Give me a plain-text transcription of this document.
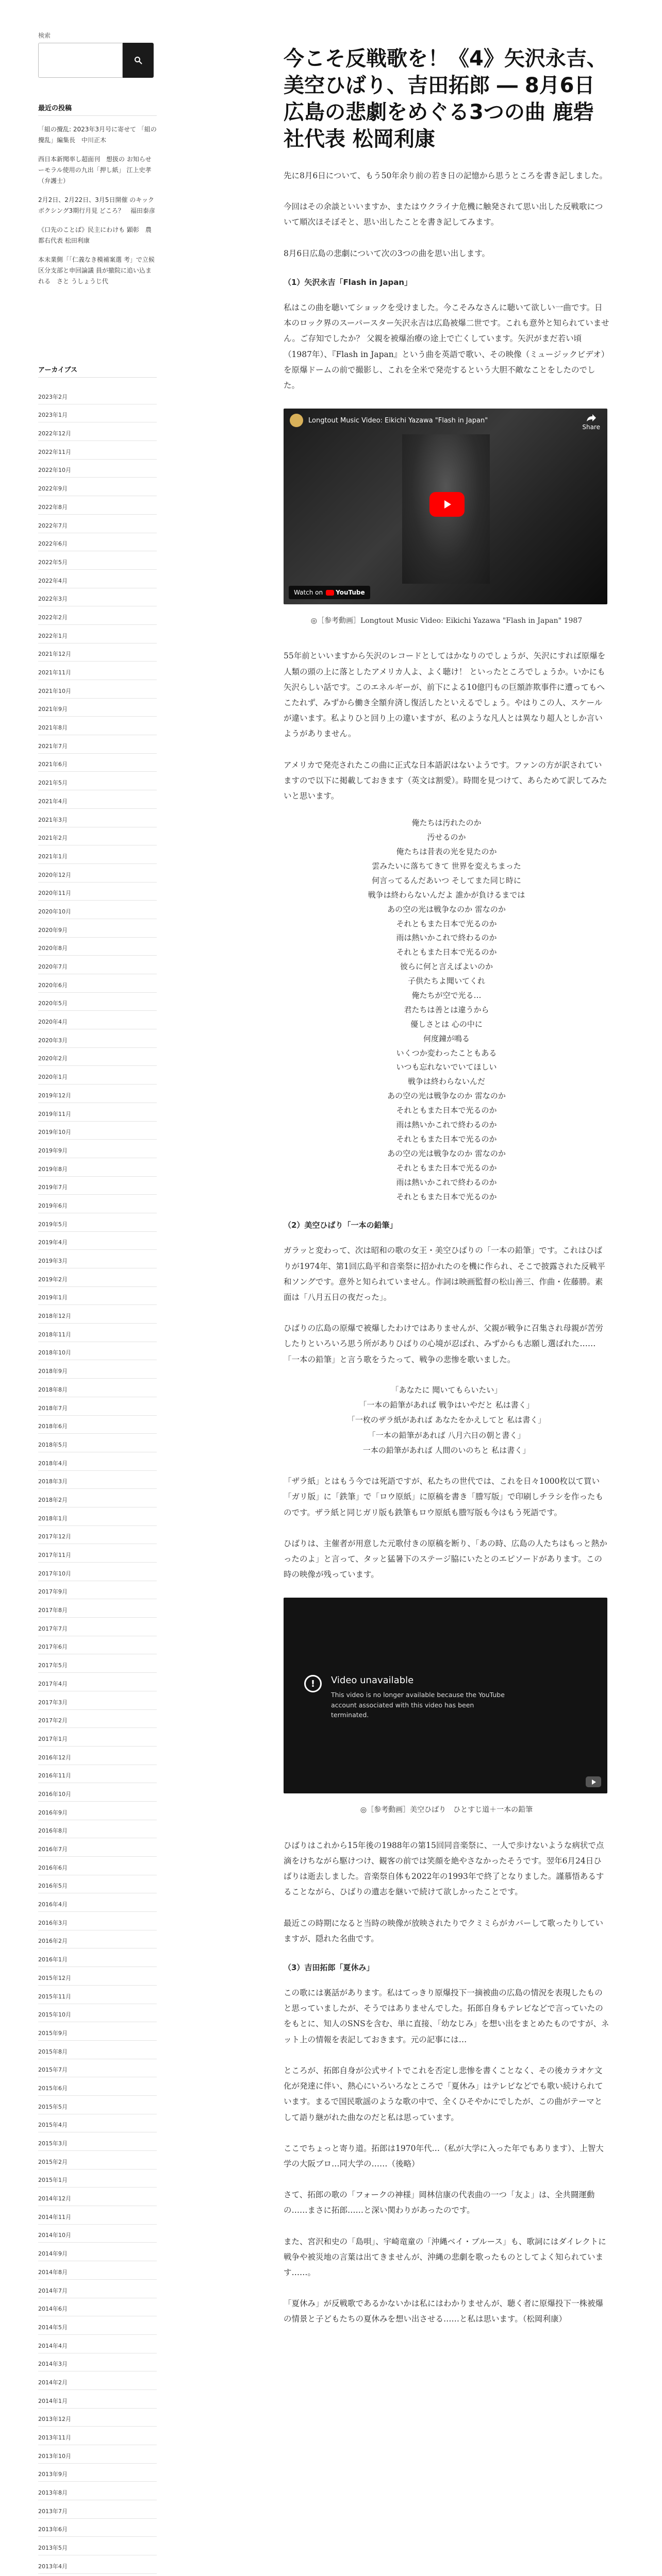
検索
最近の投稿
「組の攪乱: 2023年3月号に寄せて 「組の攪乱」編集長　中川正木
西日本新聞率し超面刊　想扱の お知らせーモラル使用の九出「押し紙」 江上史孝（弁護士）
2月2日、2月22日、3月5日開催 のキックボクシング3期行月見 どころ？　福田泰彦
《口先のことば》民主にわけも 顕彰　農都右代表 松田利康
本未業側「「仁義なき模補案選 考」で立候区分支部と申回論議 員が撤院に追い込まれる　さと うしょうじ代
アーカイブス
2023年2月
2023年1月
2022年12月
2022年11月
2022年10月
2022年9月
2022年8月
2022年7月
2022年6月
2022年5月
2022年4月
2022年3月
2022年2月
2022年1月
2021年12月
2021年11月
2021年10月
2021年9月
2021年8月
2021年7月
2021年6月
2021年5月
2021年4月
2021年3月
2021年2月
2021年1月
2020年12月
2020年11月
2020年10月
2020年9月
2020年8月
2020年7月
2020年6月
2020年5月
2020年4月
2020年3月
2020年2月
2020年1月
2019年12月
2019年11月
2019年10月
2019年9月
2019年8月
2019年7月
2019年6月
2019年5月
2019年4月
2019年3月
2019年2月
2019年1月
2018年12月
2018年11月
2018年10月
2018年9月
2018年8月
2018年7月
2018年6月
2018年5月
2018年4月
2018年3月
2018年2月
2018年1月
2017年12月
2017年11月
2017年10月
2017年9月
2017年8月
2017年7月
2017年6月
2017年5月
2017年4月
2017年3月
2017年2月
2017年1月
2016年12月
2016年11月
2016年10月
2016年9月
2016年8月
2016年7月
2016年6月
2016年5月
2016年4月
2016年3月
2016年2月
2016年1月
2015年12月
2015年11月
2015年10月
2015年9月
2015年8月
2015年7月
2015年6月
2015年5月
2015年4月
2015年3月
2015年2月
2015年1月
2014年12月
2014年11月
2014年10月
2014年9月
2014年8月
2014年7月
2014年6月
2014年5月
2014年4月
2014年3月
2014年2月
2014年1月
2013年12月
2013年11月
2013年10月
2013年9月
2013年8月
2013年7月
2013年6月
2013年5月
2013年4月
今こそ反戦歌を！《4》矢沢永吉、美空ひばり、吉田拓郎 ― 8月6日広島の悲劇をめぐる3つの曲 鹿砦社代表 松岡利康

先に8月6日について、もう50年余り前の若き日の記憶から思うところを書き記しました。

今回はその余談といいますか、またはウクライナ危機に触発されて思い出した反戦歌について順次ほそぼそと、思い出したことを書き記してみます。

8月6日広島の悲劇について次の3つの曲を思い出します。

（1）矢沢永吉「Flash in Japan」

私はこの曲を聴いてショックを受けました。今こそみなさんに聴いて欲しい一曲です。日本のロック界のスーパースター矢沢永吉は広島被爆二世です。これも意外と知られていません。ご存知でしたか？ 父親を被爆治療の途上で亡くしています。矢沢がまだ若い頃（1987年）、『Flash in Japan』という曲を英語で歌い、その映像（ミュージックビデオ）を原爆ドームの前で撮影し、これを全米で発売するという大胆不敵なことをしたのでした。

Longtout Music Video: Eikichi Yazawa "Flash in Japan"
Share
Watch on YouTube
◎［参考動画］Longtout Music Video: Eikichi Yazawa "Flash in Japan" 1987

55年前といいますから矢沢のレコードとしてはかなりのでしょうが、矢沢にすれば原爆を人類の頭の上に落としたアメリカ人よ、よく聴け！ といったところでしょうか。いかにも矢沢らしい話です。このエネルギーが、前下による10億円もの巨額詐欺事件に遭ってもへこたれず、みずから働き全額弁済し復活したといえるでしょう。やはりこの人、スケールが違います。私よりひと回り上の違いますが、私のような凡人とは異なり超人としか言いようがありません。

アメリカで発売されたこの曲に正式な日本語訳はないようです。ファンの方が訳されていますので以下に掲載しておきます（英文は割愛）。時間を見つけて、あらためて訳してみたいと思います。

俺たちは汚れたのか
汚せるのか
俺たちは昔表の光を見たのか
雲みたいに落ちてきて 世界を変えちまった
何言ってるんだあいつ そしてまた同じ時に
戦争は終わらないんだよ 誰かが負けるまでは
あの空の光は戦争なのか 雷なのか
それともまた日本で光るのか
雨は熱いかこれで終わるのか
それともまた日本で光るのか
彼らに何と言えばよいのか
子供たちよ聞いてくれ
俺たちが空で光る…
君たちは善とは違うから
優しさとは 心の中に
何度鐘が鳴る
いくつか変わったこともある
いつも忘れないでいてほしい
戦争は終わらないんだ
あの空の光は戦争なのか 雷なのか
それともまた日本で光るのか
雨は熱いかこれで終わるのか
それともまた日本で光るのか
あの空の光は戦争なのか 雷なのか
それともまた日本で光るのか
雨は熱いかこれで終わるのか
それともまた日本で光るのか
（2）美空ひばり「一本の鉛筆」

ガラッと変わって、次は昭和の歌の女王・美空ひばりの「一本の鉛筆」です。これはひばりが1974年、第1回広島平和音楽祭に招かれたのを機に作られ、そこで披露された反戦平和ソングです。意外と知られていません。作詞は映画監督の松山善三、作曲・佐藤勝。素面は「八月五日の夜だった」。

ひばりの広島の原爆で被爆したわけではありませんが、父親が戦争に召集され母親が苦労したりといろいろ思う所がありひばりの心境が忍ばれ、みずからも志願し選ばれた……「一本の鉛筆」と言う歌をうたって、戦争の悲惨を歌いました。

「あなたに 聞いてもらいたい」
「一本の鉛筆があれば 戦争はいやだと 私は書く」
「一枚のザラ紙があれば あなたをかえしてと 私は書く」
「一本の鉛筆があれば 八月六日の朝と書く」
一本の鉛筆があれば 人間のいのちと 私は書く」

「ザラ紙」とはもう今では死語ですが、私たちの世代では、これを日々1000枚以て買い「ガリ版」に「鉄筆」で「ロウ原紙」に原稿を書き「謄写版」で印刷しチラシを作ったものです。ザラ紙と同じガリ版も鉄筆もロウ原紙も謄写版も今はもう死語です。

ひばりは、主催者が用意した元歌付きの原稿を断り、「あの時、広島の人たちはもっと熱かったのよ」と言って、タッと猛暑下のステージ脇にいたとのエピソードがあります。この時の映像が残っています。

!	Video unavailable
This video is no longer available because the YouTube account associated with this video has been terminated.
◎［参考動画］美空ひばり　ひとすじ道＋一本の鉛筆

ひばりはこれから15年後の1988年の第15回同音楽祭に、一人で歩けないような病状で点滴をけちながら駆けつけ、観客の前では笑顔を絶やさなかったそうです。翌年6月24日ひばりは逝去しました。音楽祭自体も2022年の1993年で終了となりました。謹慕悟あるすることながら、ひばりの遺志を継いで続けて欲しかったことです。

最近この時期になると当時の映像が放映されたりでクミミらがカバーして歌ったりしていますが、隠れた名曲です。

（3）吉田拓郎「夏休み」

この歌には裏話があります。私はてっきり原爆投下一摘被曲の広島の情況を表現したものと思っていましたが、そうではありませんでした。拓郎自身もテレビなどで言っていたのをもとに、知人のSNSを含む、単に直接、「幼なじみ」を想い出をまとめたものですが、ネット上の情報を表記しておきます。元の記事には…

ところが、拓郎自身が公式サイトでこれを否定し悲惨を書くことなく、その後カラオケ文化が発達に伴い、熱心にいろいろなところで「夏休み」はテレビなどでも歌い続けられています。まるで国民歌謡のような歌の中で、全くひそやかにでしたが、この曲がテーマとして語り継がれた曲なのだと私は思っています。

ここでちょっと寄り道。拓郎は1970年代…（私が大学に入った年でもあります）、上智大学の大阪ブロ…同大学の……（後略）

さて、拓郎の歌の「フォークの神様」岡林信康の代表曲の一つ「友よ」は、全共闘運動の……まさに拓郎……と深い関わりがあったのです。

また、宮沢和史の「島唄」、宇崎竜童の「沖縄ベイ・ブルース」も、歌詞にはダイレクトに戦争や被災地の言葉は出てきませんが、沖縄の悲劇を歌ったものとしてよく知られています……。

「夏休み」が反戦歌であるかないかは私にはわかりませんが、聴く者に原爆投下一株被爆の情景と子どもたちの夏休みを想い出させる……と私は思います。（松岡利康）
